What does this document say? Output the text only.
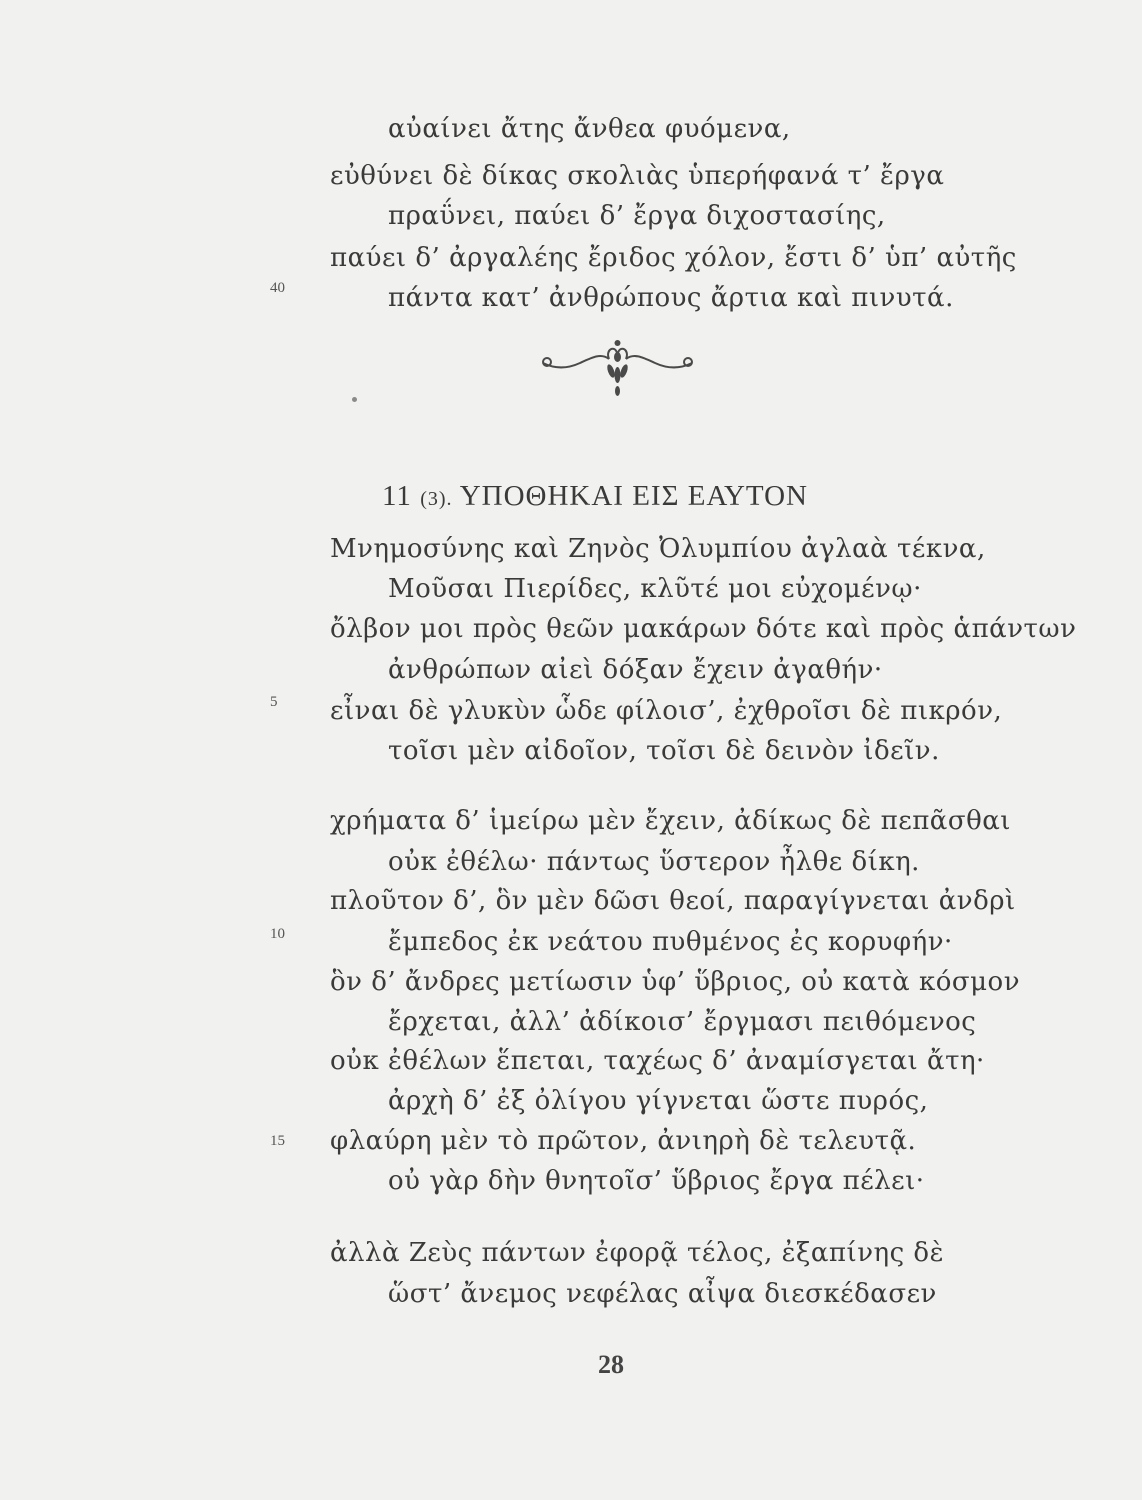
αὐαίνει ἄτης ἄνθεα φυόμενα,
εὐθύνει δὲ δίκας σκολιὰς ὑπερήφανά τ’ ἔργα
πραΰνει, παύει δ’ ἔργα διχοστασίης,
παύει δ’ ἀργαλέης ἔριδος χόλον, ἔστι δ’ ὑπ’ αὐτῆς
40	πάντα κατ’ ἀνθρώπους ἄρτια καὶ πινυτά.
11 (3). ΥΠΟΘΗΚΑΙ ΕΙΣ ΕΑΥΤΟΝ
Μνημοσύνης καὶ Ζηνὸς Ὀλυμπίου ἀγλαὰ τέκνα,
Μοῦσαι Πιερίδες, κλῦτέ μοι εὐχομένῳ·
ὄλβον μοι πρὸς θεῶν μακάρων δότε καὶ πρὸς ἁπάντων
ἀνθρώπων αἰεὶ δόξαν ἔχειν ἀγαθήν·
5 εἶναι δὲ γλυκὺν ὧδε φίλοισ’, ἐχθροῖσι δὲ πικρόν,
τοῖσι μὲν αἰδοῖον, τοῖσι δὲ δεινὸν ἰδεῖν.
χρήματα δ’ ἱμείρω μὲν ἔχειν, ἀδίκως δὲ πεπᾶσθαι
οὐκ ἐθέλω· πάντως ὕστερον ἦλθε δίκη.
πλοῦτον δ’, ὃν μὲν δῶσι θεοί, παραγίγνεται ἀνδρὶ
10	ἔμπεδος ἐκ νεάτου πυθμένος ἐς κορυφήν·
ὃν δ’ ἄνδρες μετίωσιν ὑφ’ ὕβριος, οὐ κατὰ κόσμον
ἔρχεται, ἀλλ’ ἀδίκοισ’ ἔργμασι πειθόμενος
οὐκ ἐθέλων ἕπεται, ταχέως δ’ ἀναμίσγεται ἄτη·
ἀρχὴ δ’ ἐξ ὀλίγου γίγνεται ὥστε πυρός,
15 φλαύρη μὲν τὸ πρῶτον, ἀνιηρὴ δὲ τελευτᾷ.
οὐ γὰρ δὴν θνητοῖσ’ ὕβριος ἔργα πέλει·
ἀλλὰ Ζεὺς πάντων ἐφορᾷ τέλος, ἐξαπίνης δὲ
ὥστ’ ἄνεμος νεφέλας αἶψα διεσκέδασεν
28
